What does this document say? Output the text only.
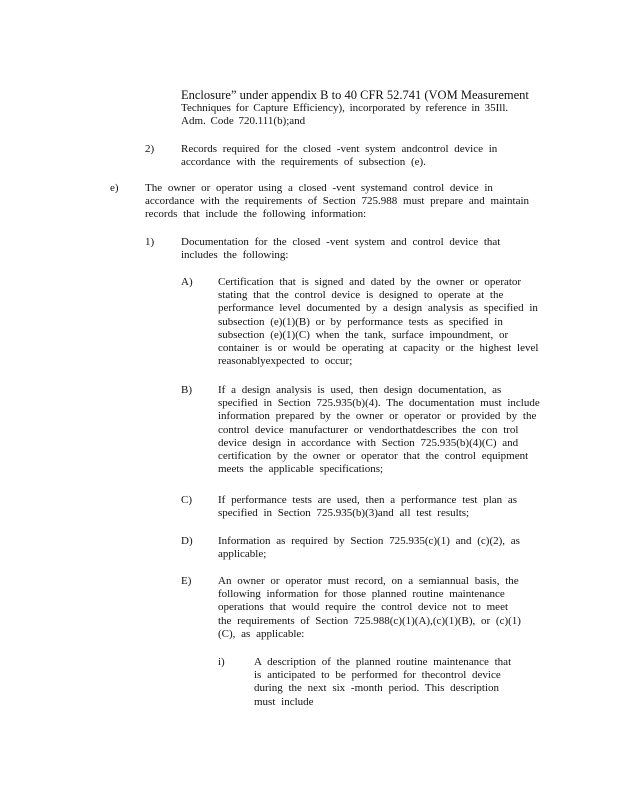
Enclosure” under appendix B to 40 CFR 52.741 (VOM Measurement
Techniques for Capture Efficiency), incorporated by reference in 35Ill. Adm. Code 720.111(b);and
2) Records required for the closed -vent system andcontrol device in accordance with the requirements of subsection (e).
e) The owner or operator using a closed -vent systemand control device in accordance with the requirements of Section 725.988 must prepare and maintain records that include the following information:
1) Documentation for the closed -vent system and control device that includes the following:
A) Certification that is signed and dated by the owner or operator stating that the control device is designed to operate at the performance level documented by a design analysis as specified in subsection (e)(1)(B) or by performance tests as specified in subsection (e)(1)(C) when the tank, surface impoundment, or container is or would be operating at capacity or the highest level reasonablyexpected to occur;
B) If a design analysis is used, then design documentation, as specified in Section 725.935(b)(4). The documentation must include information prepared by the owner or operator or provided by the control device manufacturer or vendorthatdescribes the con trol device design in accordance with Section 725.935(b)(4)(C) and certification by the owner or operator that the control equipment meets the applicable specifications;
C) If performance tests are used, then a performance test plan as specified in Section 725.935(b)(3)and all test results;
D) Information as required by Section 725.935(c)(1) and (c)(2), as applicable;
E) An owner or operator must record, on a semiannual basis, the following information for those planned routine maintenance operations that would require the control device not to meet the requirements of Section 725.988(c)(1)(A),(c)(1)(B), or (c)(1)(C), as applicable:
i)	A description of the planned routine maintenance that is anticipated to be performed for thecontrol device during the next six -month period. This description must include
